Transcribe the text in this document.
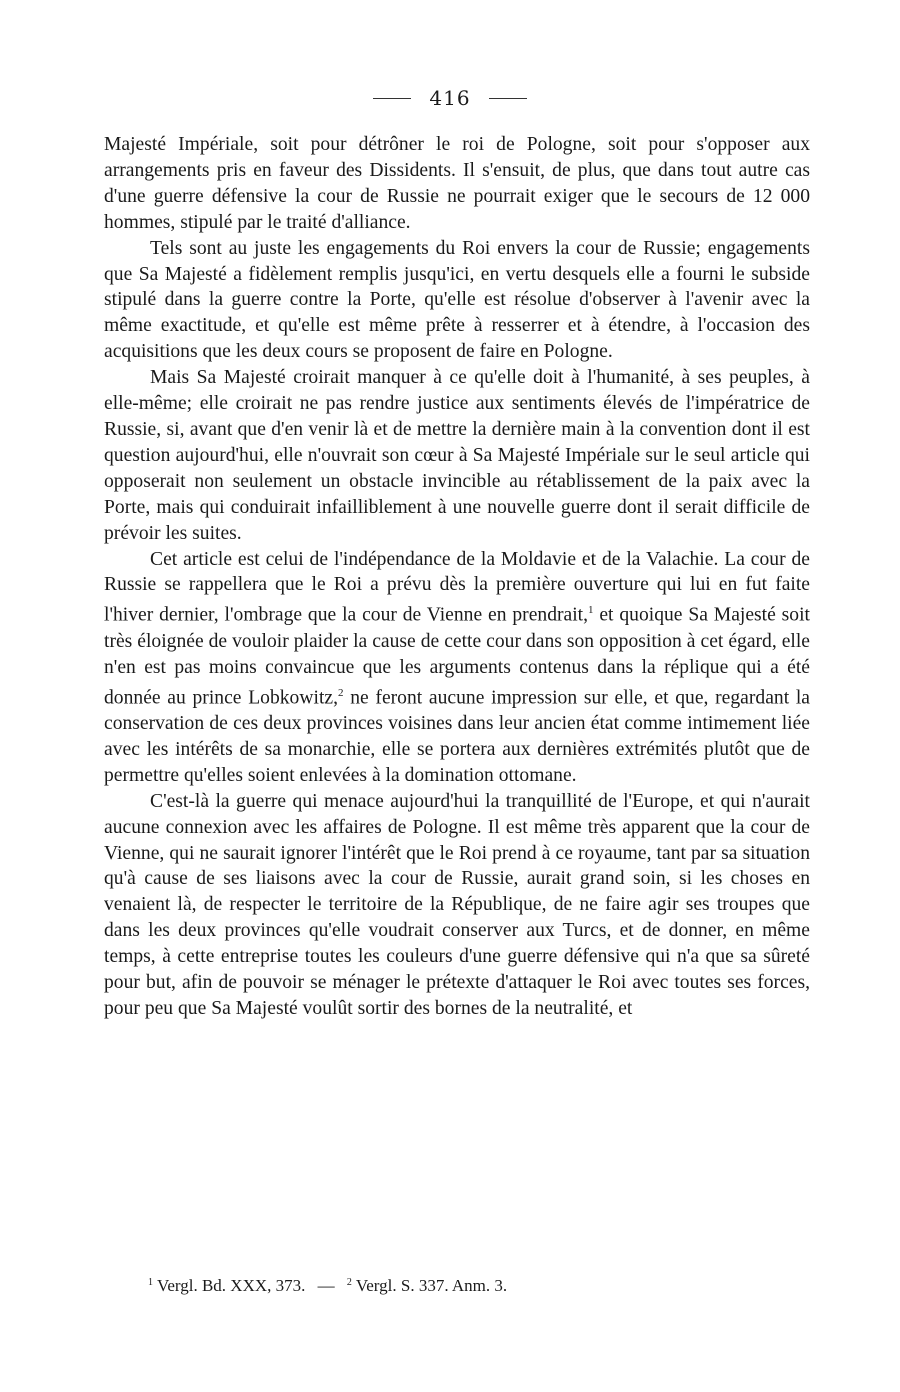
416

Majesté Impériale, soit pour détrôner le roi de Pologne, soit pour s'opposer aux arrangements pris en faveur des Dissidents. Il s'ensuit, de plus, que dans tout autre cas d'une guerre défensive la cour de Russie ne pourrait exiger que le secours de 12 000 hommes, stipulé par le traité d'alliance.

Tels sont au juste les engagements du Roi envers la cour de Russie; engagements que Sa Majesté a fidèlement remplis jusqu'ici, en vertu desquels elle a fourni le subside stipulé dans la guerre contre la Porte, qu'elle est résolue d'observer à l'avenir avec la même exactitude, et qu'elle est même prête à resserrer et à étendre, à l'occasion des acquisitions que les deux cours se proposent de faire en Pologne.

Mais Sa Majesté croirait manquer à ce qu'elle doit à l'humanité, à ses peuples, à elle-même; elle croirait ne pas rendre justice aux sentiments élevés de l'impératrice de Russie, si, avant que d'en venir là et de mettre la dernière main à la convention dont il est question aujourd'hui, elle n'ouvrait son cœur à Sa Majesté Impériale sur le seul article qui opposerait non seulement un obstacle invincible au rétablissement de la paix avec la Porte, mais qui conduirait infailliblement à une nouvelle guerre dont il serait difficile de prévoir les suites.

Cet article est celui de l'indépendance de la Moldavie et de la Valachie. La cour de Russie se rappellera que le Roi a prévu dès la première ouverture qui lui en fut faite l'hiver dernier, l'ombrage que la cour de Vienne en prendrait,$^1$ et quoique Sa Majesté soit très éloignée de vouloir plaider la cause de cette cour dans son opposition à cet égard, elle n'en est pas moins convaincue que les arguments contenus dans la réplique qui a été donnée au prince Lobkowitz,$^2$ ne feront aucune impression sur elle, et que, regardant la conservation de ces deux provinces voisines dans leur ancien état comme intimement liée avec les intérêts de sa monarchie, elle se portera aux dernières extrémités plutôt que de permettre qu'elles soient enlevées à la domination ottomane.

C'est-là la guerre qui menace aujourd'hui la tranquillité de l'Europe, et qui n'aurait aucune connexion avec les affaires de Pologne. Il est même très apparent que la cour de Vienne, qui ne saurait ignorer l'intérêt que le Roi prend à ce royaume, tant par sa situation qu'à cause de ses liaisons avec la cour de Russie, aurait grand soin, si les choses en venaient là, de respecter le territoire de la République, de ne faire agir ses troupes que dans les deux provinces qu'elle voudrait conserver aux Turcs, et de donner, en même temps, à cette entreprise toutes les couleurs d'une guerre défensive qui n'a que sa sûreté pour but, afin de pouvoir se ménager le prétexte d'attaquer le Roi avec toutes ses forces, pour peu que Sa Majesté voulût sortir des bornes de la neutralité, et

$^1$ Vergl. Bd. XXX, 373. — $^2$ Vergl. S. 337. Anm. 3.
